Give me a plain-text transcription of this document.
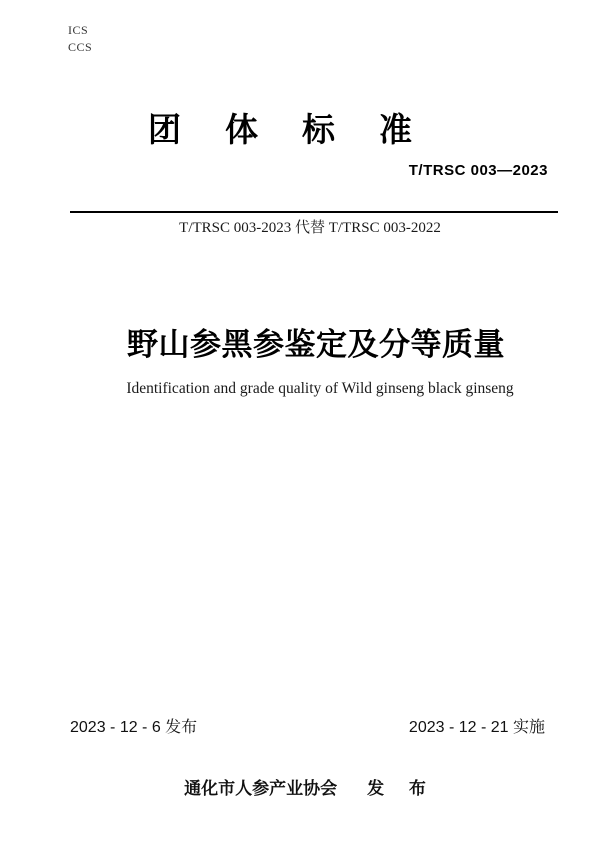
ICS
CCS
团体标准
T/TRSC 003—2023
T/TRSC 003-2023 代替 T/TRSC 003-2022
野山参黑参鉴定及分等质量
Identification and grade quality of Wild ginseng black ginseng
2023 - 12 - 6 发布	2023 - 12 - 21 实施
通化市人参产业协会 发 布
